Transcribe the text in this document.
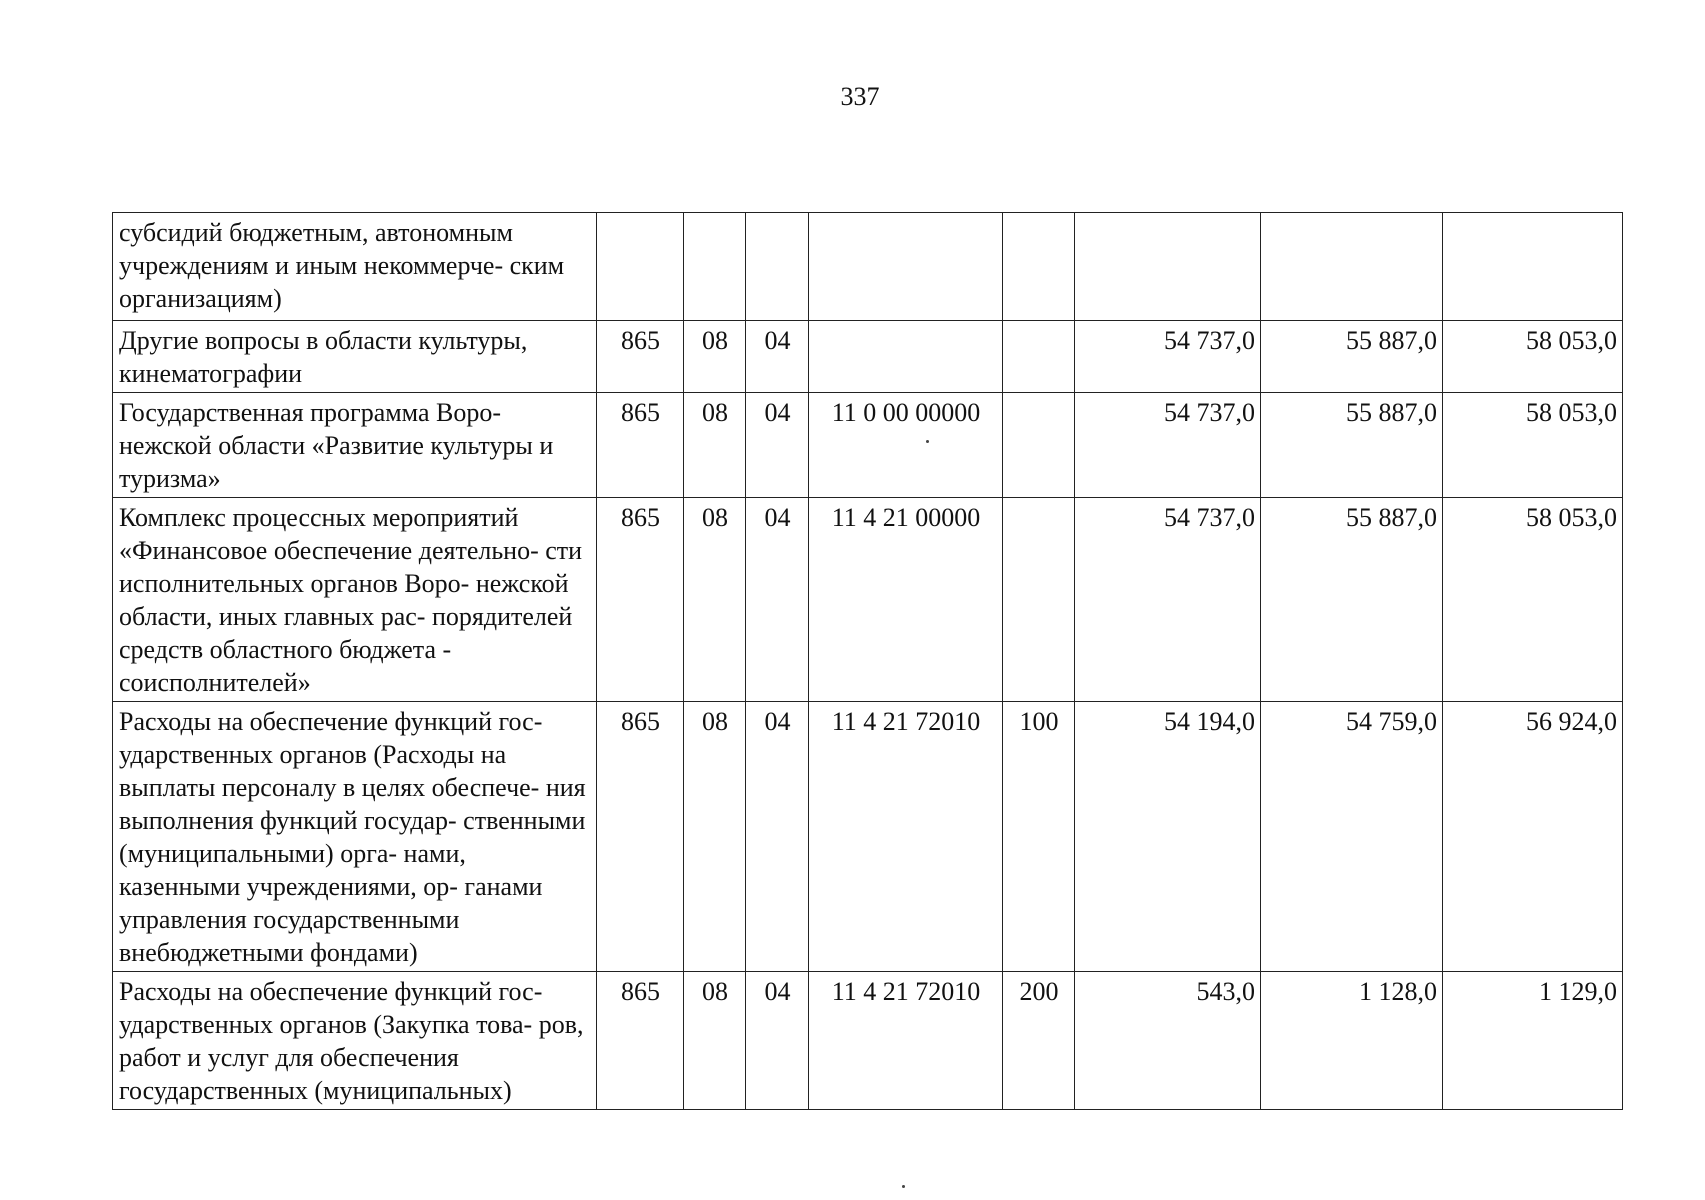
337
субсидий бюджетным, автономным учреждениям и иным некоммерче- ским организациям)								
Другие вопросы в области культуры, кинематографии	865	08	04			54 737,0	55 887,0	58 053,0
Государственная программа Воро- нежской области «Развитие культуры и туризма»	865	08	04	11 0 00 00000		54 737,0	55 887,0	58 053,0
Комплекс процессных мероприятий «Финансовое обеспечение деятельно- сти исполнительных органов Воро- нежской области, иных главных рас- порядителей средств областного бюджета - соисполнителей»	865	08	04	11 4 21 00000		54 737,0	55 887,0	58 053,0
Расходы на обеспечение функций гос- ударственных органов (Расходы на выплаты персоналу в целях обеспече- ния выполнения функций государ- ственными (муниципальными) орга- нами, казенными учреждениями, ор- ганами управления государственными внебюджетными фондами)	865	08	04	11 4 21 72010	100	54 194,0	54 759,0	56 924,0
Расходы на обеспечение функций гос- ударственных органов (Закупка това- ров, работ и услуг для обеспечения государственных (муниципальных)	865	08	04	11 4 21 72010	200	543,0	1 128,0	1 129,0
